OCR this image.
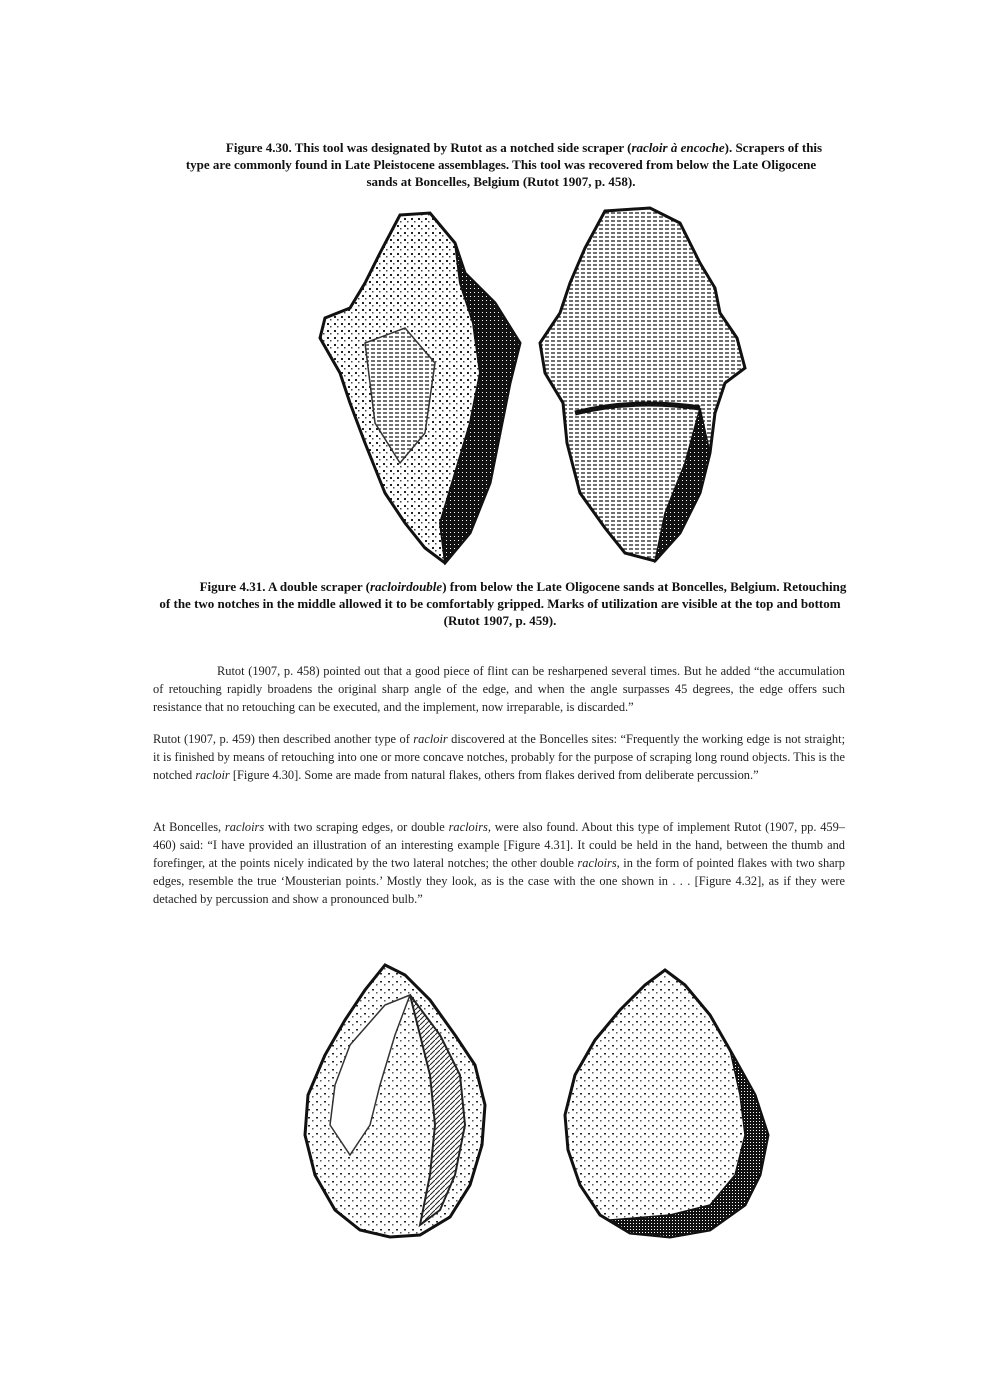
Figure 4.30. This tool was designated by Rutot as a notched side scraper (racloir à encoche). Scrapers of this type are commonly found in Late Pleistocene assemblages. This tool was recovered from below the Late Oligocene sands at Boncelles, Belgium (Rutot 1907, p. 458).
Figure 4.31. A double scraper (racloirdouble) from below the Late Oligocene sands at Boncelles, Belgium. Retouching of the two notches in the middle allowed it to be comfortably gripped. Marks of utilization are visible at the top and bottom (Rutot 1907, p. 459).

Rutot (1907, p. 458) pointed out that a good piece of flint can be resharpened several times. But he added “the accumulation of retouching rapidly broadens the original sharp angle of the edge, and when the angle surpasses 45 degrees, the edge offers such resistance that no retouching can be executed, and the implement, now irreparable, is discarded.”

Rutot (1907, p. 459) then described another type of racloir discovered at the Boncelles sites: “Frequently the working edge is not straight; it is finished by means of retouching into one or more concave notches, probably for the purpose of scraping long round objects. This is the notched racloir [Figure 4.30]. Some are made from natural flakes, others from flakes derived from deliberate percussion.”

At Boncelles, racloirs with two scraping edges, or double racloirs, were also found. About this type of implement Rutot (1907, pp. 459–460) said: “I have provided an illustration of an interesting example [Figure 4.31]. It could be held in the hand, between the thumb and forefinger, at the points nicely indicated by the two lateral notches; the other double racloirs, in the form of pointed flakes with two sharp edges, resemble the true ‘Mousterian points.’ Mostly they look, as is the case with the one shown in . . . [Figure 4.32], as if they were detached by percussion and show a pronounced bulb.”
